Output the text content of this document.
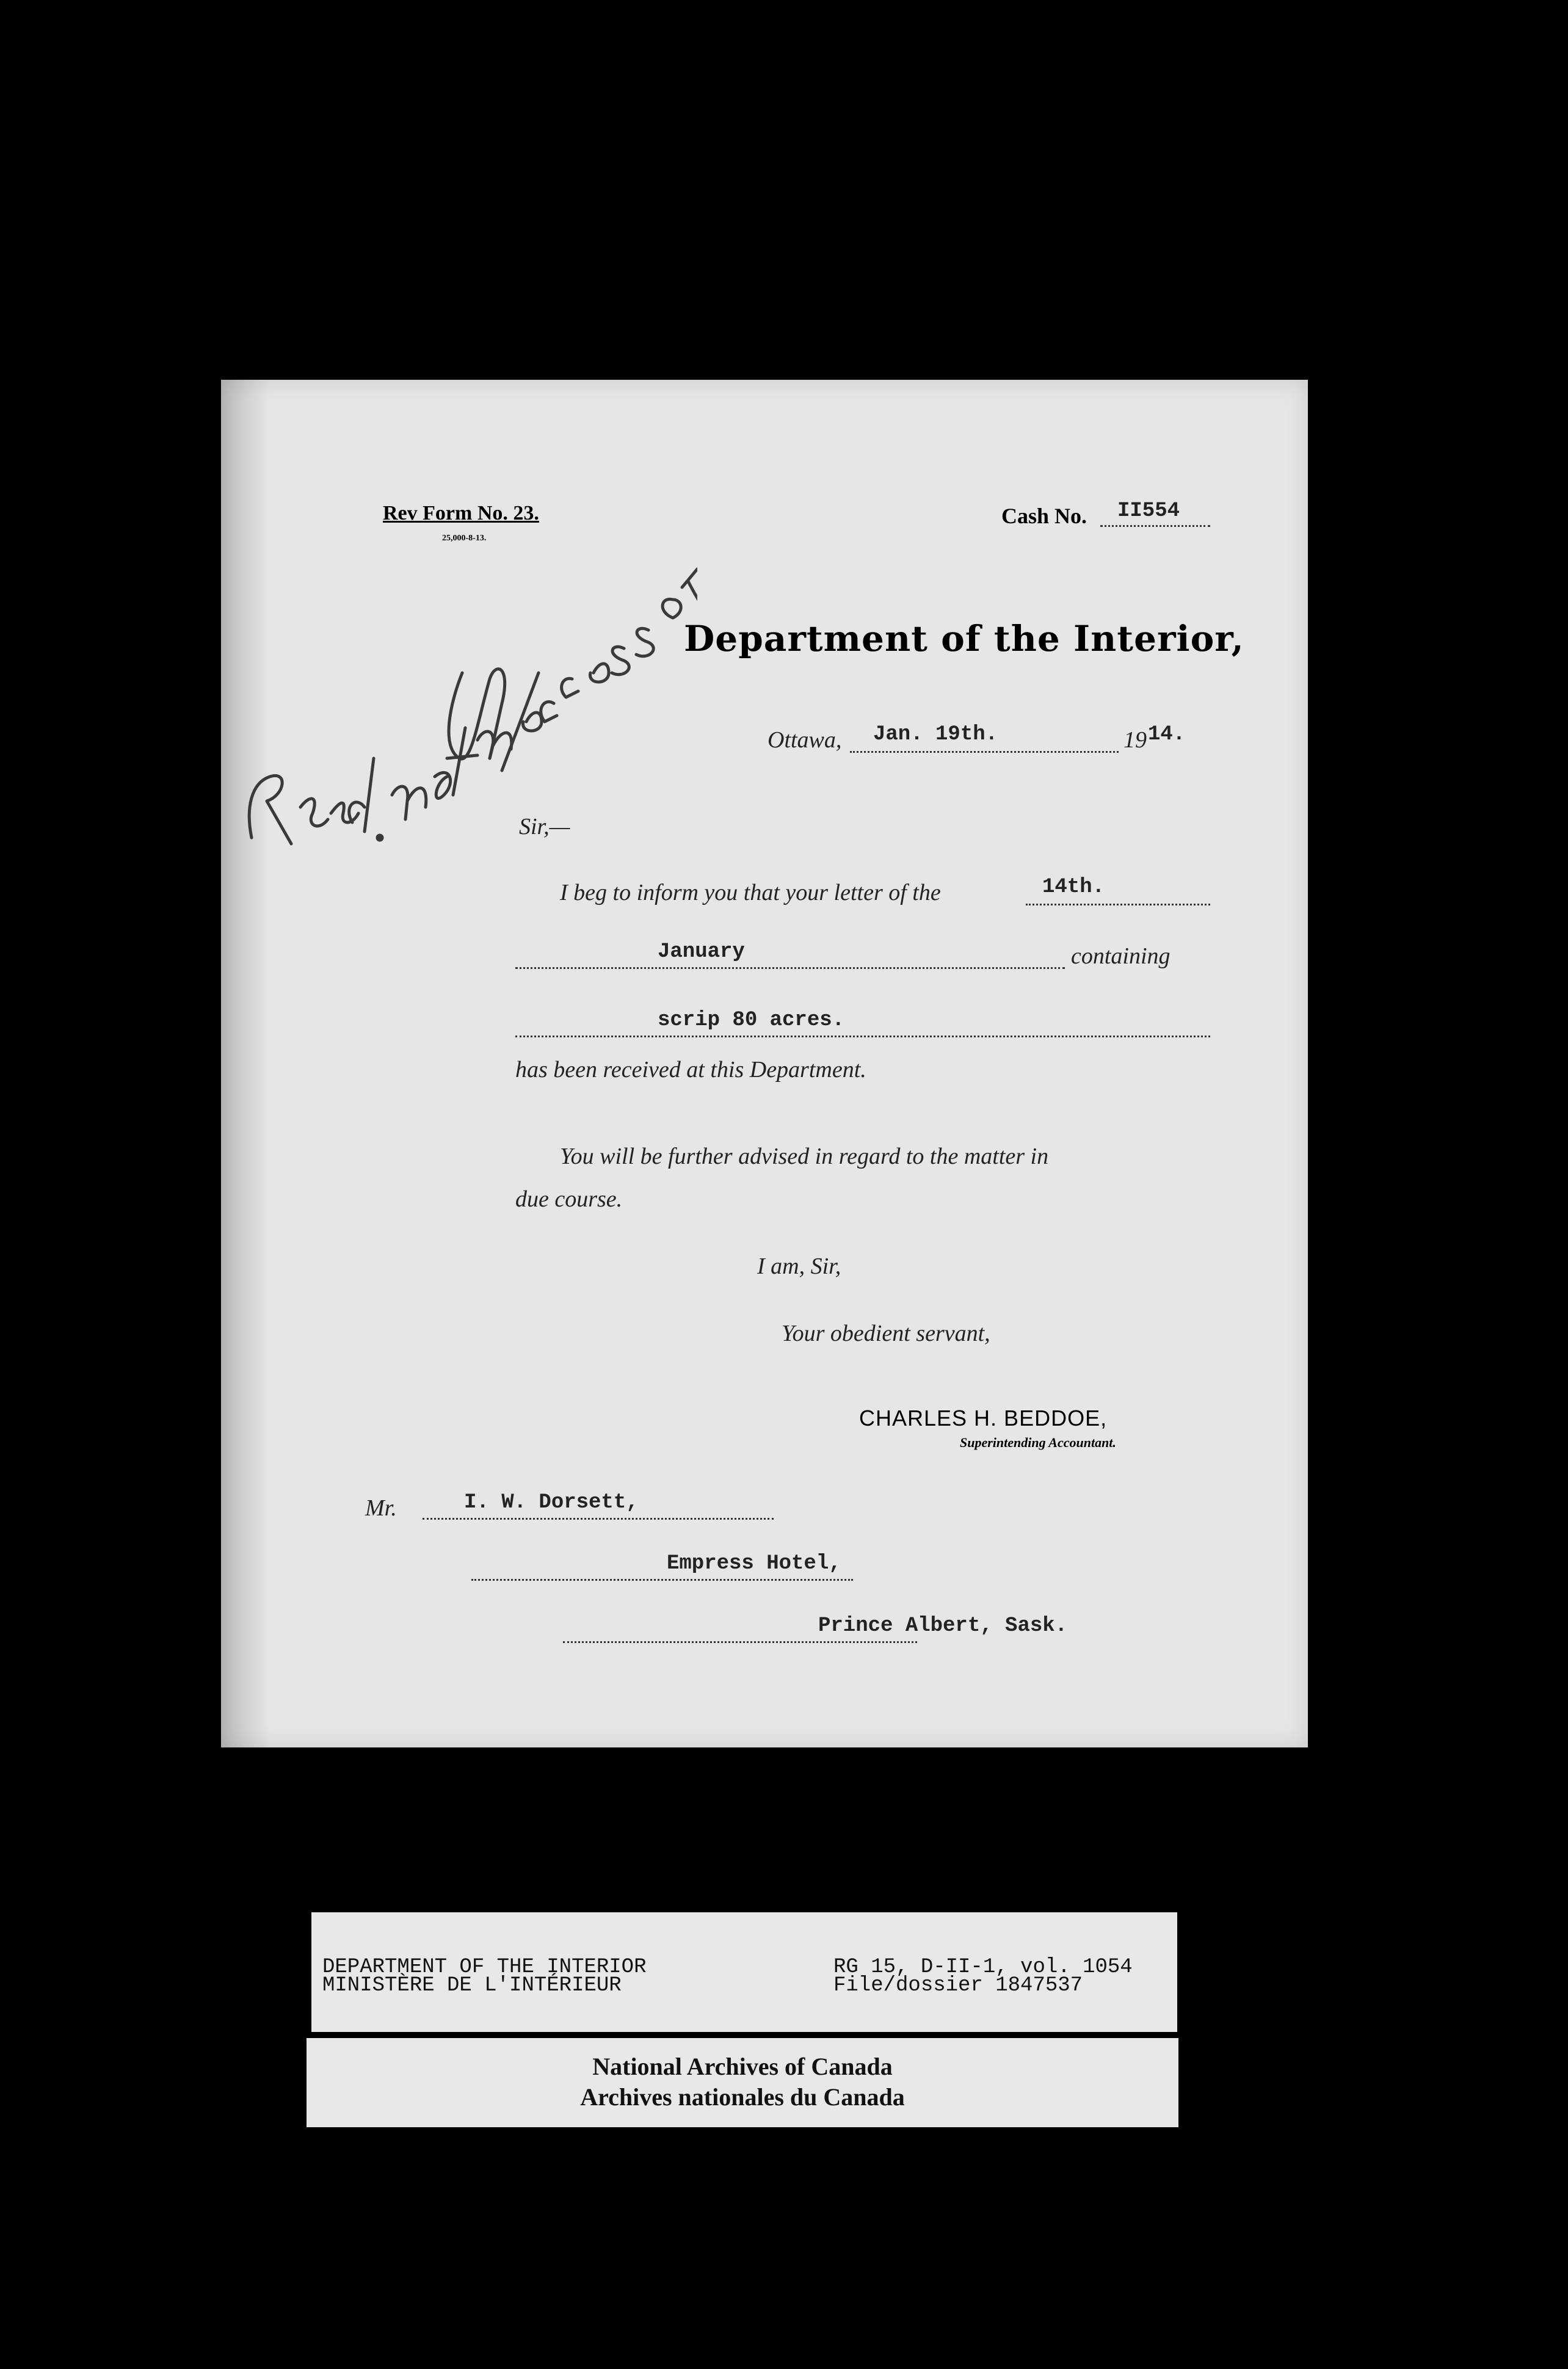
Rev Form No. 23.
25,000-8-13.
Cash No. II554
Department of the Interior,
Ottawa, Jan. 19th.	19 14.
Sir,—
I beg to inform you that your letter of the	14th.
January	containing
scrip 80 acres.
has been received at this Department.
You will be further advised in regard to the matter in
due course.
I am, Sir,
Your obedient servant,
CHARLES H. BEDDOE,
Superintending Accountant.
Mr.	I. W. Dorsett,
Empress Hotel,
Prince Albert, Sask.
DEPARTMENT OF THE INTERIOR
MINISTÈRE DE L'INTÉRIEUR
RG 15, D-II-1, vol. 1054
File/dossier 1847537
National Archives of Canada
Archives nationales du Canada
